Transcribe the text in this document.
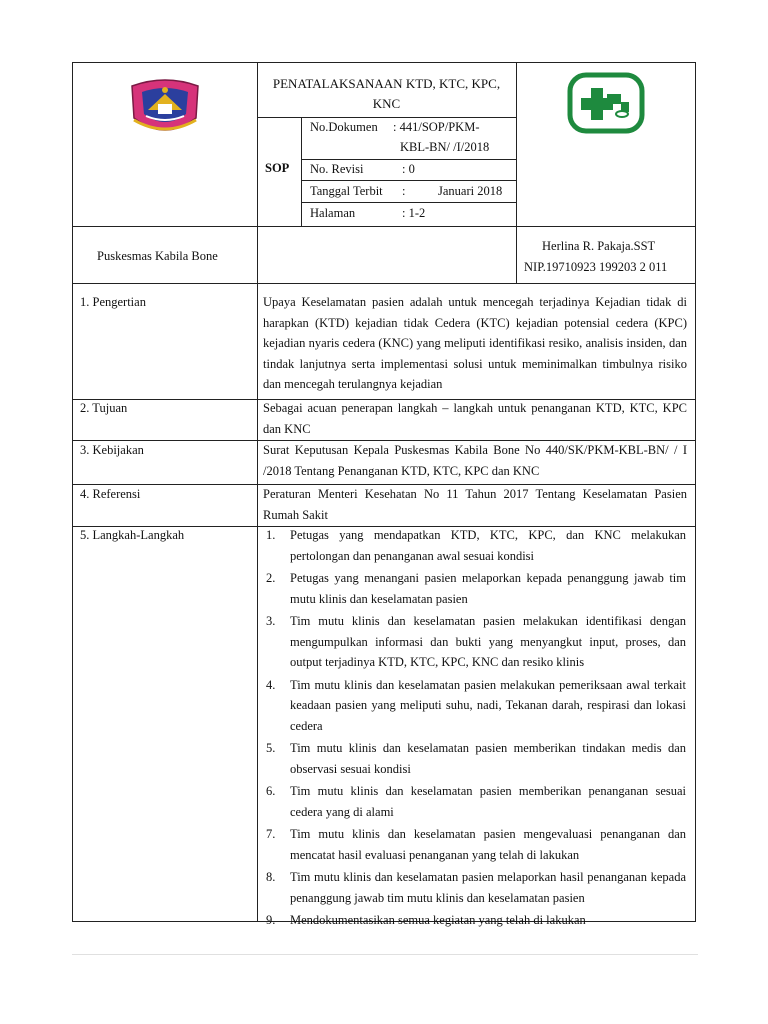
PENATALAKSANAAN KTD, KTC, KPC,
KNC
SOP
No.Dokumen : 441/SOP/PKM-
KBL-BN/ /I/2018
No. Revisi	: 0
Tanggal Terbit :	Januari 2018
Halaman	: 1-2
Puskesmas Kabila Bone
Herlina R. Pakaja.SST
NIP.19710923 199203 2 011
1. Pengertian	Upaya Keselamatan pasien adalah untuk mencegah terjadinya Kejadian tidak di harapkan (KTD) kejadian tidak Cedera (KTC) kejadian potensial cedera (KPC) kejadian nyaris cedera (KNC) yang meliputi identifikasi resiko, analisis insiden, dan tindak lanjutnya serta implementasi solusi untuk meminimalkan timbulnya risiko dan mencegah terulangnya kejadian
2. Tujuan	Sebagai acuan penerapan langkah – langkah untuk penanganan KTD, KTC, KPC dan KNC
3. Kebijakan	Surat Keputusan Kepala Puskesmas Kabila Bone No 440/SK/PKM-KBL-BN/ / I /2018 Tentang Penanganan KTD, KTC, KPC dan KNC
4. Referensi	Peraturan Menteri Kesehatan No 11 Tahun 2017 Tentang Keselamatan Pasien Rumah Sakit
5. Langkah-Langkah	1.	Petugas yang mendapatkan KTD, KTC, KPC, dan KNC melakukan pertolongan dan penanganan awal sesuai kondisi
2.	Petugas yang menangani pasien melaporkan kepada penanggung jawab tim mutu klinis dan keselamatan pasien
3.	Tim mutu klinis dan keselamatan pasien melakukan identifikasi dengan mengumpulkan informasi dan bukti yang menyangkut input, proses, dan output terjadinya KTD, KTC, KPC, KNC dan resiko klinis
4.	Tim mutu klinis dan keselamatan pasien melakukan pemeriksaan awal terkait keadaan pasien yang meliputi suhu, nadi, Tekanan darah, respirasi dan lokasi cedera
5.	Tim mutu klinis dan keselamatan pasien memberikan tindakan medis dan observasi sesuai kondisi
6.	Tim mutu klinis dan keselamatan pasien memberikan penanganan sesuai cedera yang di alami
7.	Tim mutu klinis dan keselamatan pasien mengevaluasi penanganan dan mencatat hasil evaluasi penanganan yang telah di lakukan
8.	Tim mutu klinis dan keselamatan pasien melaporkan hasil penanganan kepada penanggung jawab tim mutu klinis dan keselamatan pasien
9.	Mendokumentasikan semua kegiatan yang telah di lakukan
